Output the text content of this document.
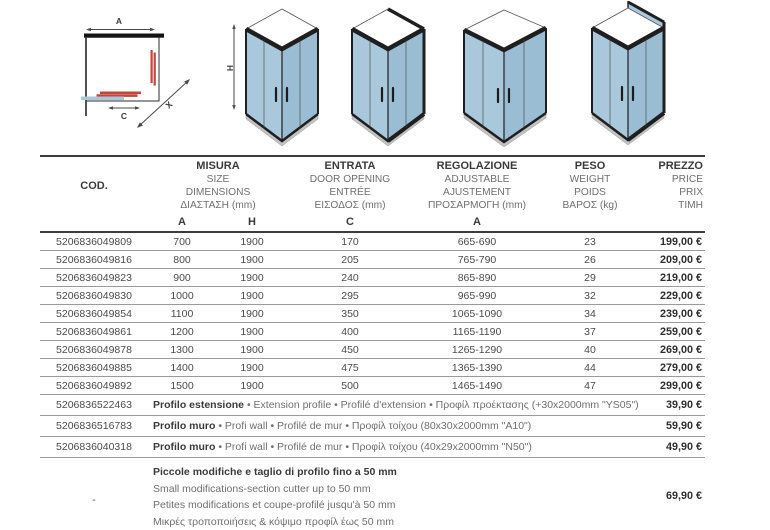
A
C
X
H
COD.
MISURA
SIZE
DIMENSIONS
ΔΙΑΣΤΑΣΗ (mm)
ENTRATA
DOOR OPENING
ENTRÉE
ΕΙΣΟΔΟΣ (mm)
REGOLAZIONE
ADJUSTABLE
AJUSTEMENT
ΠΡΟΣΑΡΜΟΓΗ (mm)
PESO
WEIGHT
POIDS
ΒΑΡΟΣ (kg)
PREZZO
PRICE
PRIX
ΤΙΜΗ
A	H	C	A
5206836049809	700	1900	170	665-690	23	199,00 €
5206836049816	800	1900	205	765-790	26	209,00 €
5206836049823	900	1900	240	865-890	29	219,00 €
5206836049830	1000	1900	295	965-990	32	229,00 €
5206836049854	1100	1900	350	1065-1090	34	239,00 €
5206836049861	1200	1900	400	1165-1190	37	259,00 €
5206836049878	1300	1900	450	1265-1290	40	269,00 €
5206836049885	1400	1900	475	1365-1390	44	279,00 €
5206836049892	1500	1900	500	1465-1490	47	299,00 €
5206836522463	Profilo estensione • Extension profile • Profilé d'extension • Προφίλ προέκτασης (+30x2000mm "YS05")	39,90 €
5206836516783	Profilo muro • Profi wall • Profilé de mur • Προφίλ τοίχου (80x30x2000mm "A10")	59,90 €
5206836040318	Profilo muro • Profi wall • Profilé de mur • Προφίλ τοίχου (40x29x2000mm "N50")	49,90 €
-
Piccole modifiche e taglio di profilo fino a 50 mm
Small modifications-section cutter up to 50 mm
Petites modifications et coupe-profilé jusqu'à 50 mm
Μικρές τροποποιήσεις & κόψιμο προφίλ έως 50 mm
69,90 €
